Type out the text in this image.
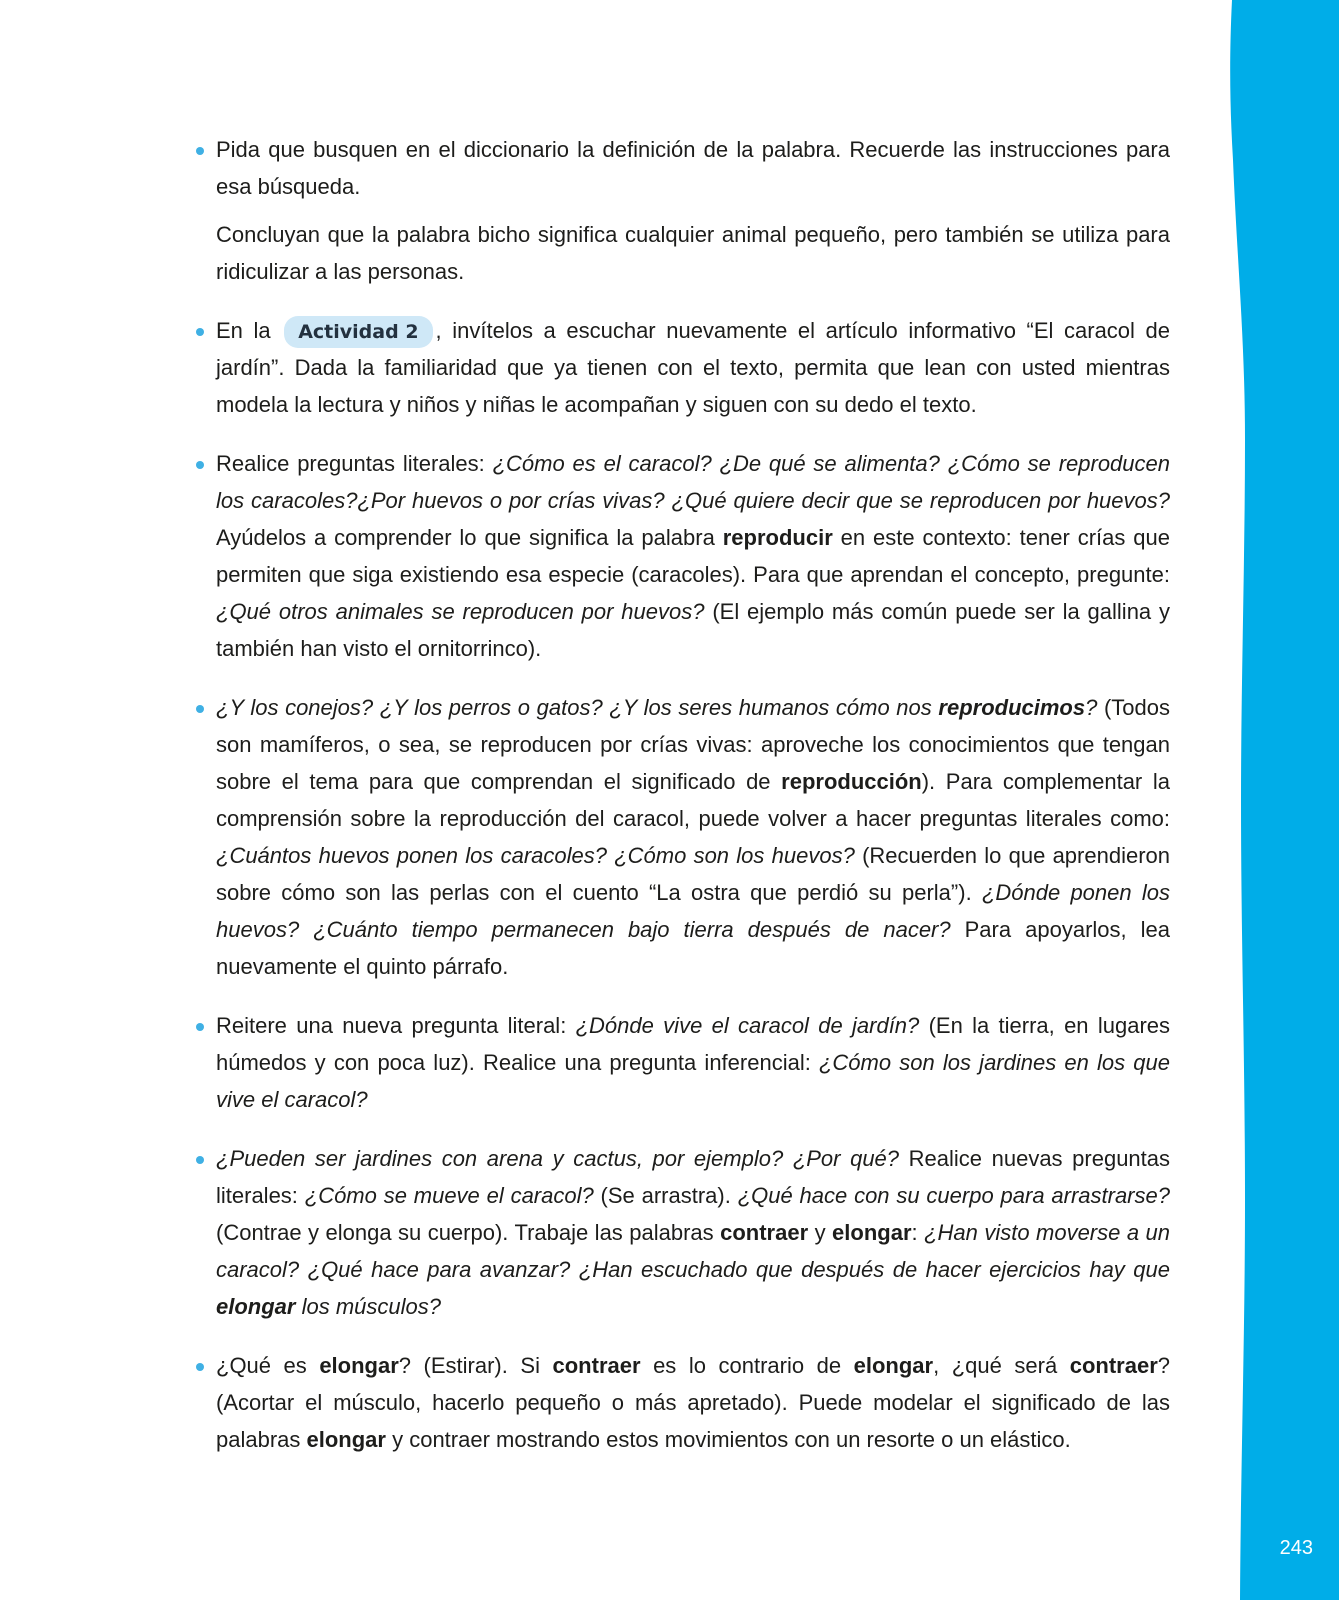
243

Pida que busquen en el diccionario la definición de la palabra. Recuerde las instrucciones para esa búsqueda.

Concluyan que la palabra bicho significa cualquier animal pequeño, pero también se utiliza para ridiculizar a las personas.

En la Actividad 2 , invítelos a escuchar nuevamente el artículo informativo “El caracol de jardín”. Dada la familiaridad que ya tienen con el texto, permita que lean con usted mientras modela la lectura y niños y niñas le acompañan y siguen con su dedo el texto.

Realice preguntas literales: ¿Cómo es el caracol? ¿De qué se alimenta? ¿Cómo se reproducen los caracoles?¿Por huevos o por crías vivas? ¿Qué quiere decir que se reproducen por huevos? Ayúdelos a comprender lo que significa la palabra reproducir en este contexto: tener crías que permiten que siga existiendo esa especie (caracoles). Para que aprendan el concepto, pregunte: ¿Qué otros animales se reproducen por huevos? (El ejemplo más común puede ser la gallina y también han visto el ornitorrinco).

¿Y los conejos? ¿Y los perros o gatos? ¿Y los seres humanos cómo nos reproducimos? (Todos son mamíferos, o sea, se reproducen por crías vivas: aproveche los conocimientos que tengan sobre el tema para que comprendan el significado de reproducción). Para complementar la comprensión sobre la reproducción del caracol, puede volver a hacer preguntas literales como: ¿Cuántos huevos ponen los caracoles? ¿Cómo son los huevos? (Recuerden lo que aprendieron sobre cómo son las perlas con el cuento “La ostra que perdió su perla”). ¿Dónde ponen los huevos? ¿Cuánto tiempo permanecen bajo tierra después de nacer? Para apoyarlos, lea nuevamente el quinto párrafo.

Reitere una nueva pregunta literal: ¿Dónde vive el caracol de jardín? (En la tierra, en lugares húmedos y con poca luz). Realice una pregunta inferencial: ¿Cómo son los jardines en los que vive el caracol?

¿Pueden ser jardines con arena y cactus, por ejemplo? ¿Por qué? Realice nuevas preguntas literales: ¿Cómo se mueve el caracol? (Se arrastra). ¿Qué hace con su cuerpo para arrastrarse? (Contrae y elonga su cuerpo). Trabaje las palabras contraer y elongar: ¿Han visto moverse a un caracol? ¿Qué hace para avanzar? ¿Han escuchado que después de hacer ejercicios hay que elongar los músculos?

¿Qué es elongar? (Estirar). Si contraer es lo contrario de elongar, ¿qué será contraer? (Acortar el músculo, hacerlo pequeño o más apretado). Puede modelar el significado de las palabras elongar y contraer mostrando estos movimientos con un resorte o un elástico.
